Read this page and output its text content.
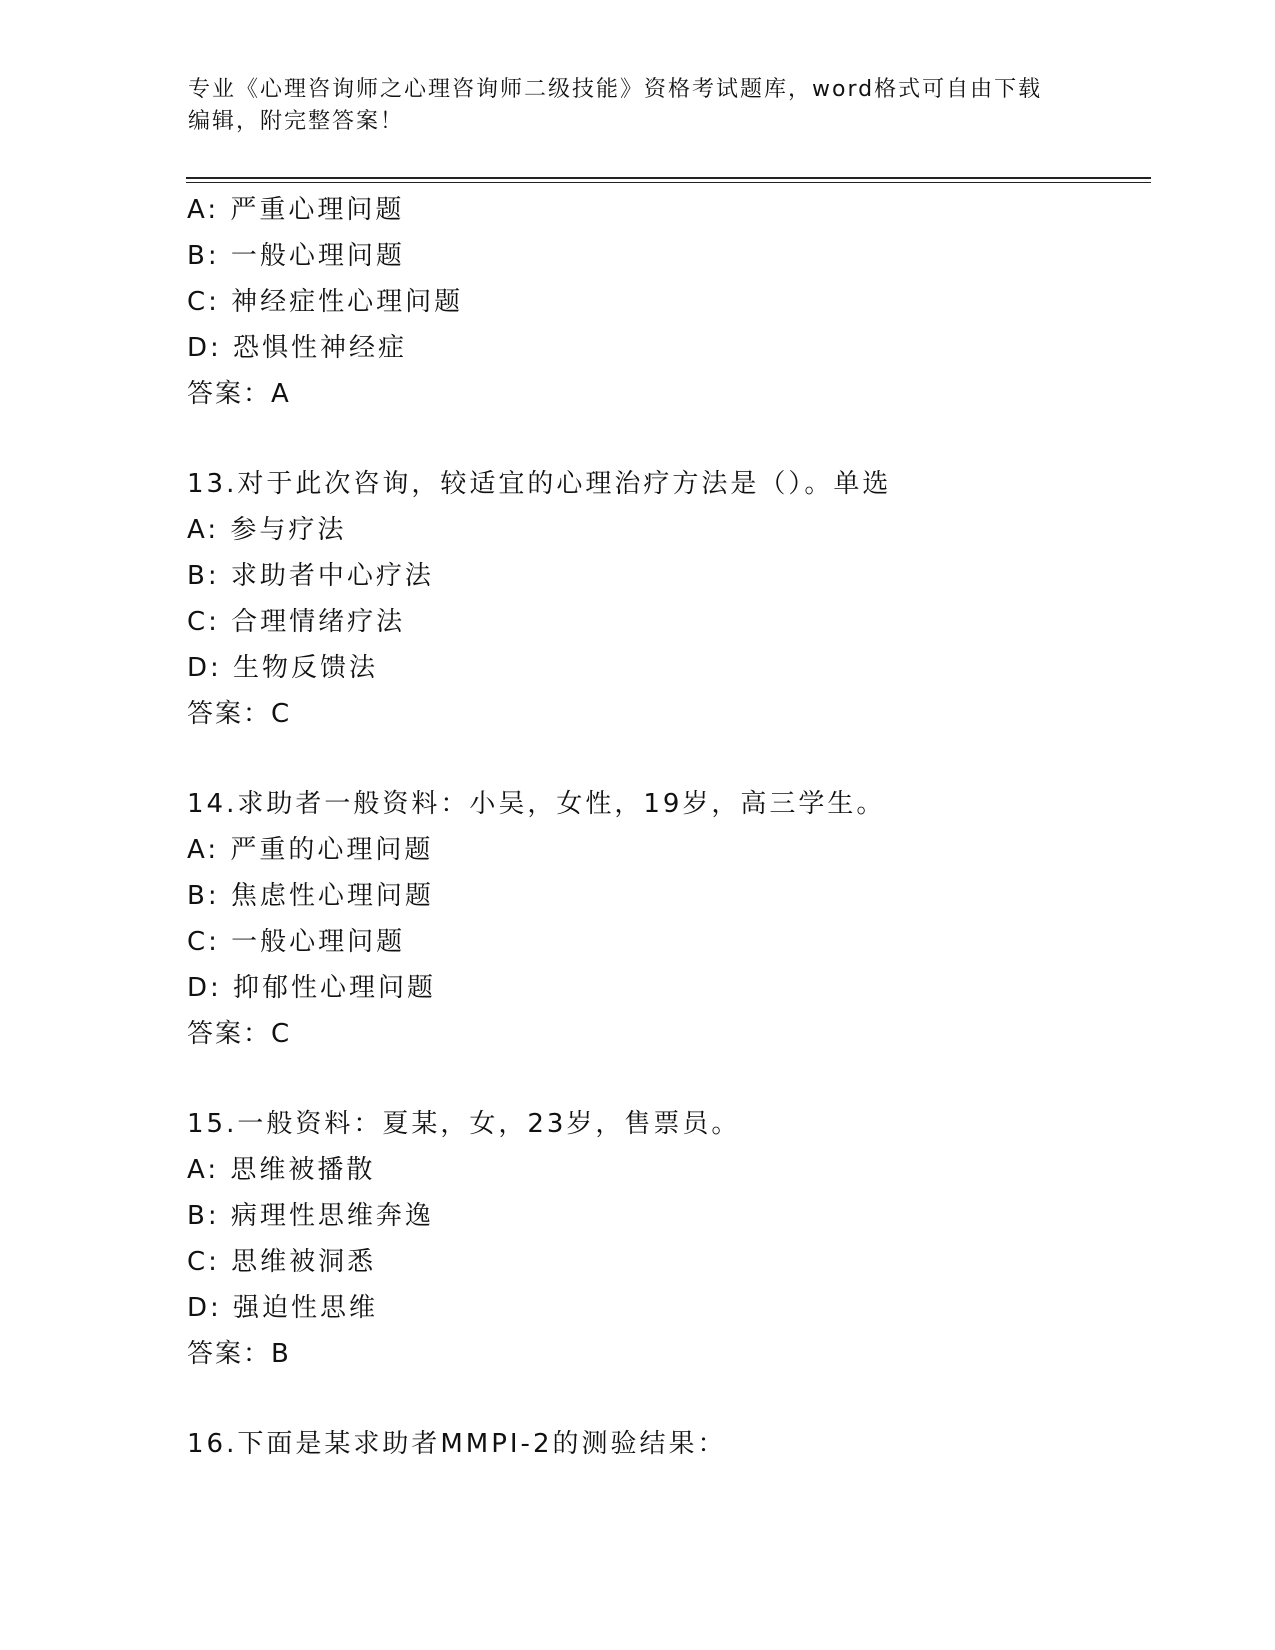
专业《心理咨询师之心理咨询师二级技能》资格考试题库，word格式可自由下载
编辑，附完整答案！
A: 严重心理问题
B: 一般心理问题
C: 神经症性心理问题
D: 恐惧性神经症
答案：A
13.对于此次咨询，较适宜的心理治疗方法是（）。单选
A: 参与疗法
B: 求助者中心疗法
C: 合理情绪疗法
D: 生物反馈法
答案：C
14.求助者一般资料：小吴，女性，19岁，高三学生。
A: 严重的心理问题
B: 焦虑性心理问题
C: 一般心理问题
D: 抑郁性心理问题
答案：C
15.一般资料：夏某，女，23岁，售票员。
A: 思维被播散
B: 病理性思维奔逸
C: 思维被洞悉
D: 强迫性思维
答案：B
16.下面是某求助者MMPI-2的测验结果：
